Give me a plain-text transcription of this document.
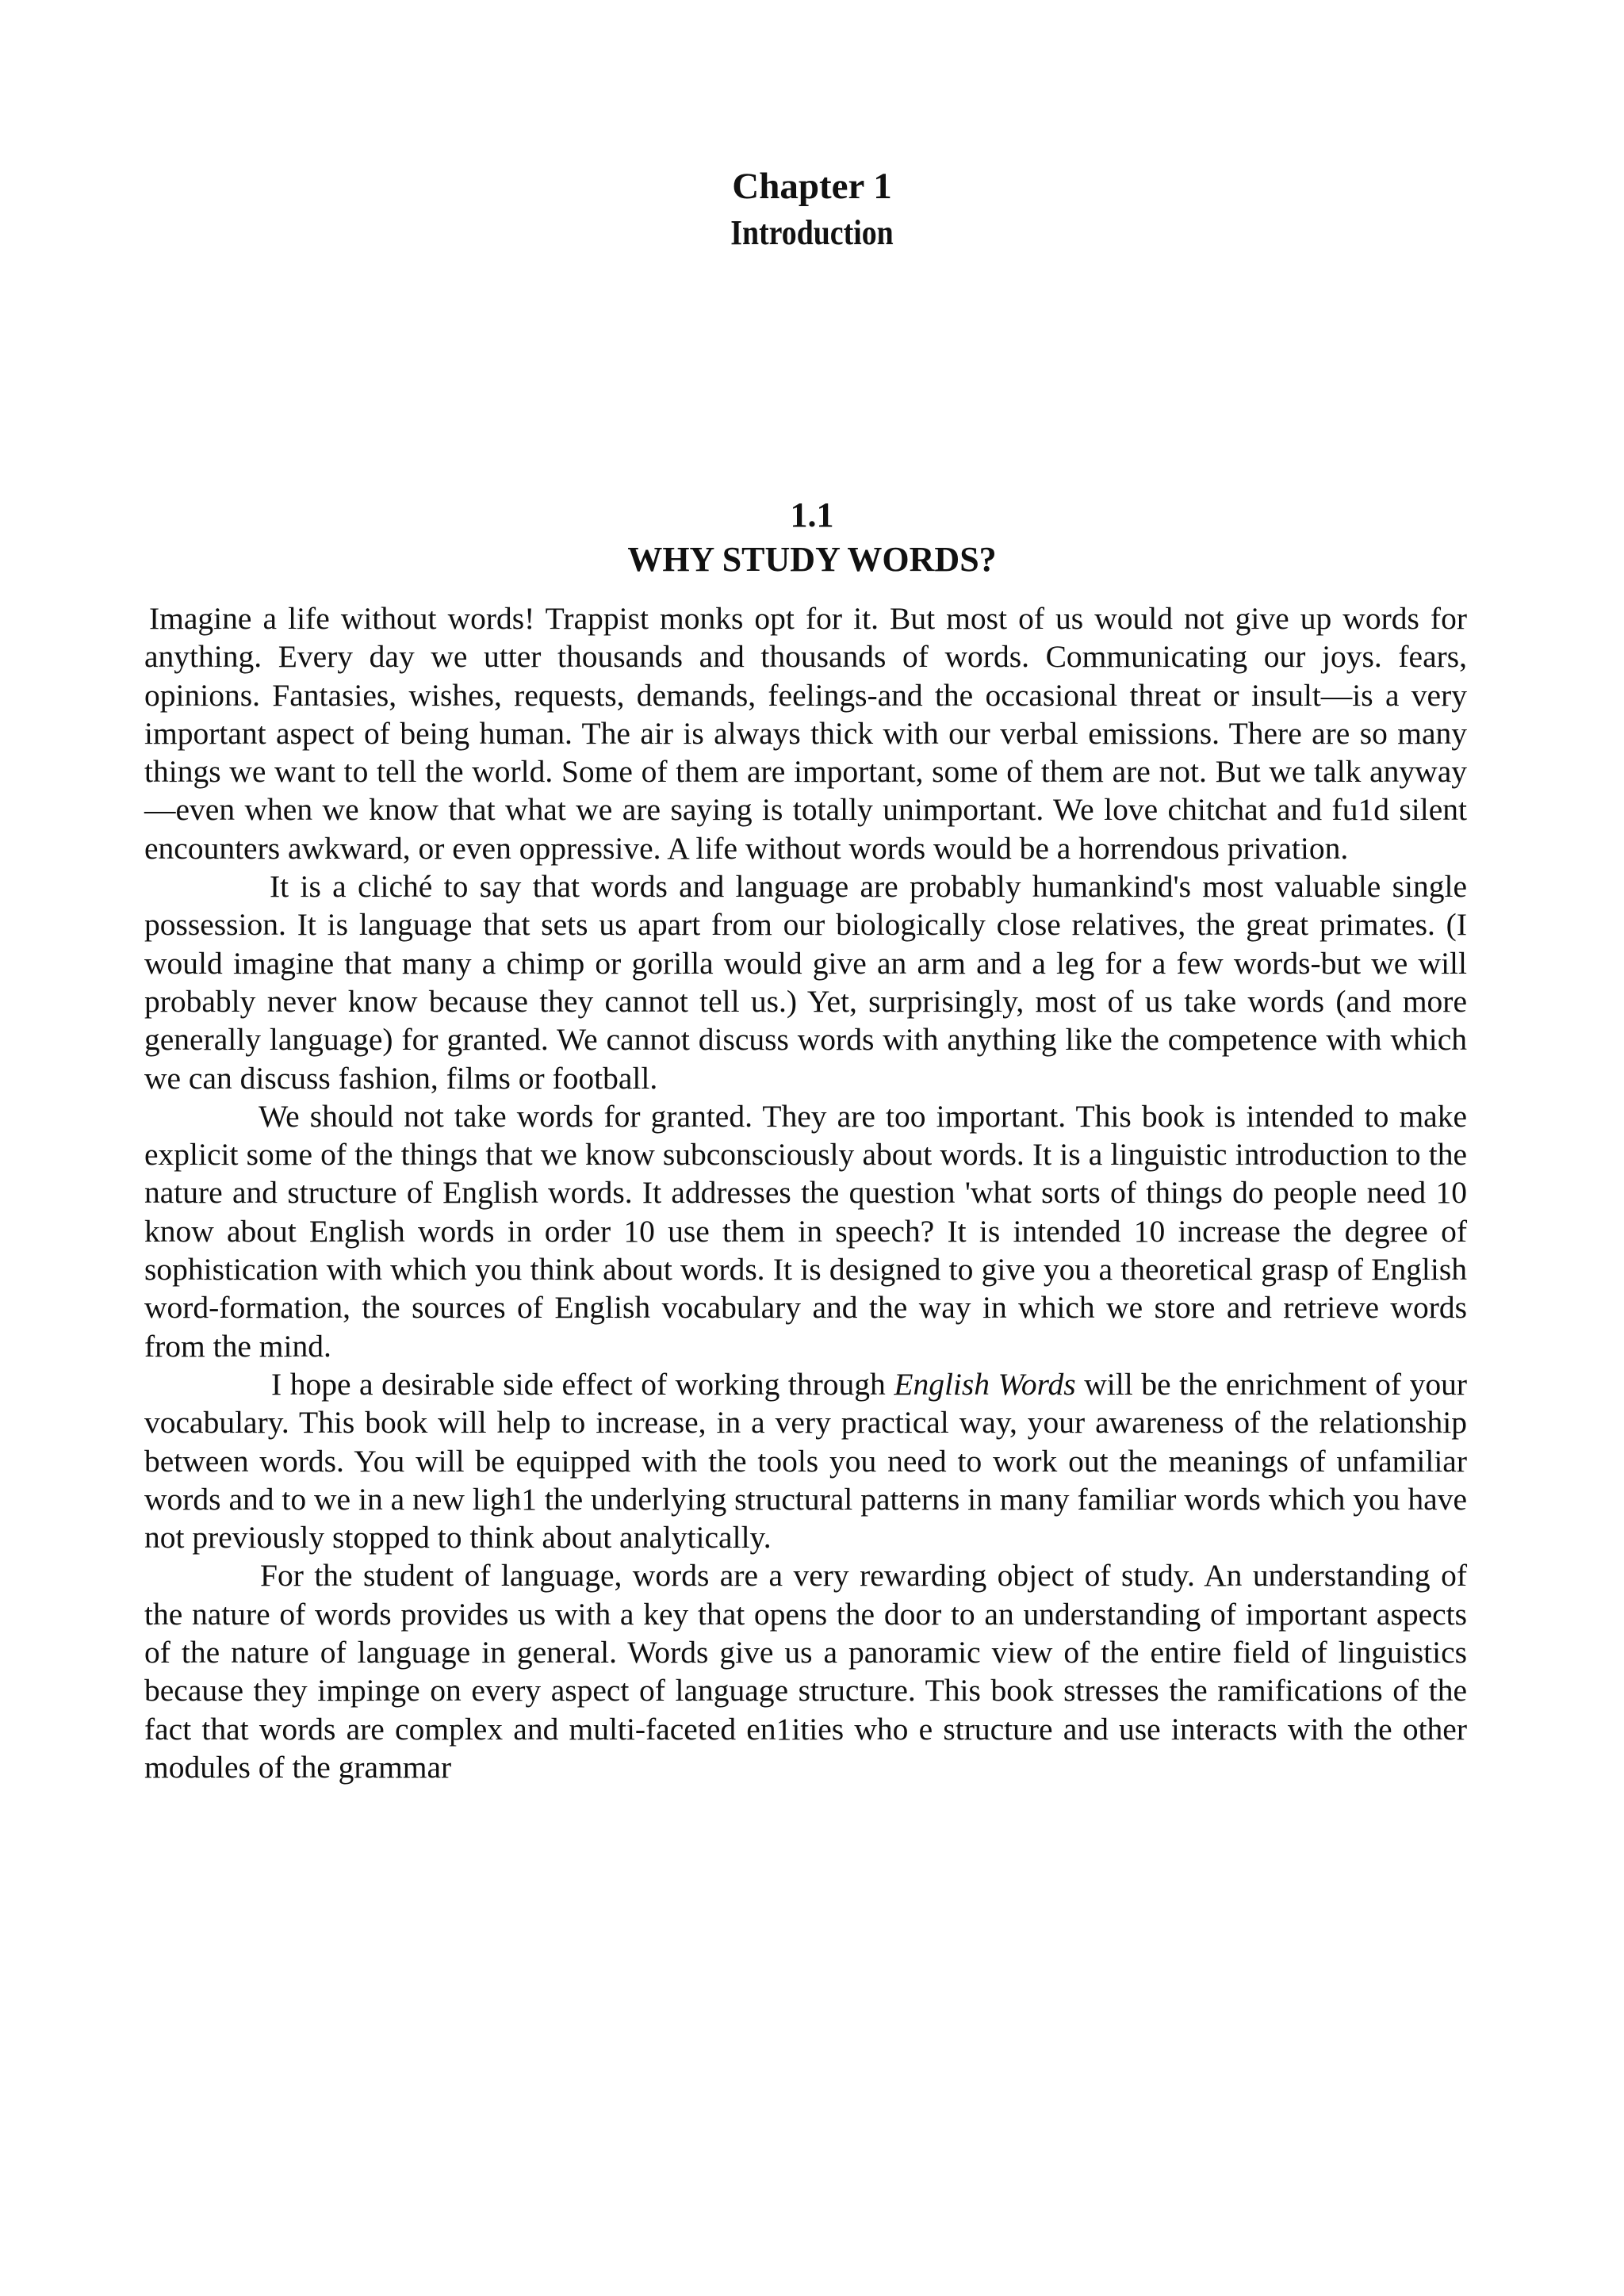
Chapter 1
Introduction
1.1
WHY STUDY WORDS?

Imagine a life without words! Trappist monks opt for it. But most of us would not give up words for anything. Every day we utter thousands and thousands of words. Communicating our joys. fears, opinions. Fantasies, wishes, requests, demands, feelings-and the occasional threat or insult—is a very important aspect of being human. The air is always thick with our verbal emissions. There are so many things we want to tell the world. Some of them are important, some of them are not. But we talk anyway—even when we know that what we are saying is totally unimportant. We love chitchat and fu1d silent encounters awkward, or even oppressive. A life without words would be a horrendous privation.

It is a cliché to say that words and language are probably humankind's most valuable single possession. It is language that sets us apart from our biologically close relatives, the great primates. (I would imagine that many a chimp or gorilla would give an arm and a leg for a few words-but we will probably never know because they cannot tell us.) Yet, surprisingly, most of us take words (and more generally language) for granted. We cannot discuss words with anything like the competence with which we can discuss fashion, films or football.

We should not take words for granted. They are too important. This book is intended to make explicit some of the things that we know subconsciously about words. It is a linguistic introduction to the nature and structure of English words. It addresses the question 'what sorts of things do people need 10 know about English words in order 10 use them in speech? It is intended 10 increase the degree of sophistication with which you think about words. It is designed to give you a theoretical grasp of English word-formation, the sources of English vocabulary and the way in which we store and retrieve words from the mind.

I hope a desirable side effect of working through English Words will be the enrichment of your vocabulary. This book will help to increase, in a very practical way, your awareness of the relationship between words. You will be equipped with the tools you need to work out the meanings of unfamiliar words and to we in a new ligh1 the underlying structural patterns in many familiar words which you have not previously stopped to think about analytically.

For the student of language, words are a very rewarding object of study. An understanding of the nature of words provides us with a key that opens the door to an understanding of important aspects of the nature of language in general. Words give us a panoramic view of the entire field of linguistics because they impinge on every aspect of language structure. This book stresses the ramifications of the fact that words are complex and multi-faceted en1ities who e structure and use interacts with the other modules of the grammar
